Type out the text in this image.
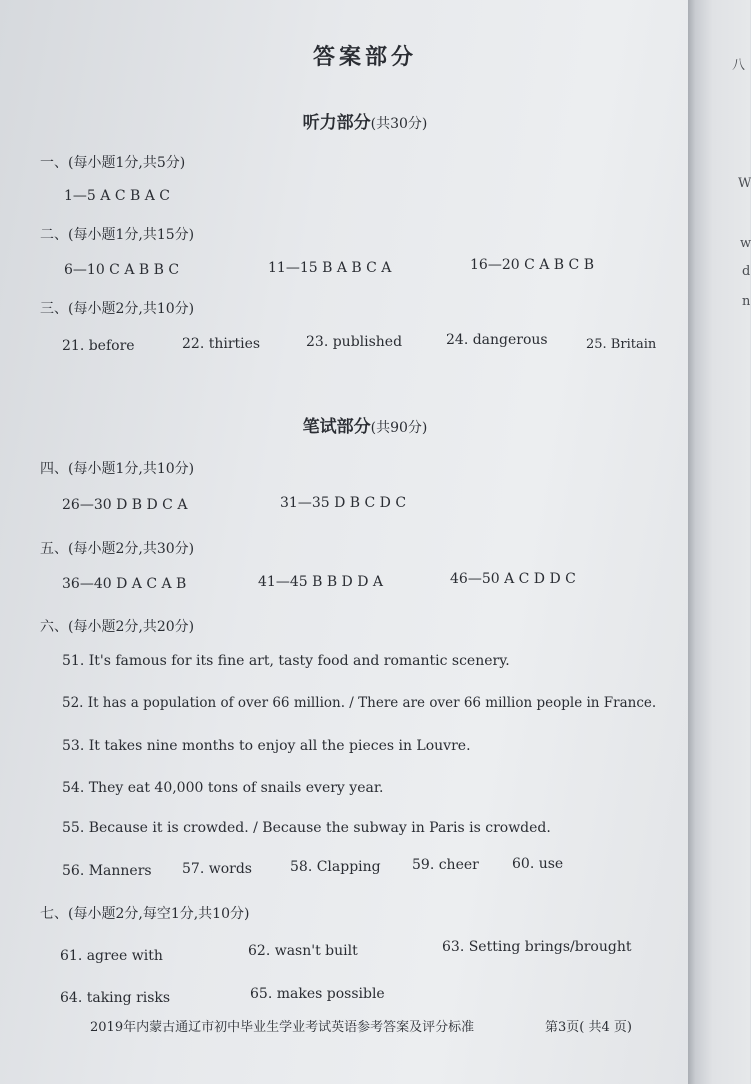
八
W
w
d
n
答案部分
听力部分(共30分)
一、(每小题1分,共5分)
1—5 A C B A C
二、(每小题1分,共15分)
6—10 C A B B C	11—15 B A B C A	16—20 C A B C B
三、(每小题2分,共10分)
21. before	22. thirties	23. published	24. dangerous	25. Britain
笔试部分(共90分)
四、(每小题1分,共10分)
26—30 D B D C A	31—35 D B C D C
五、(每小题2分,共30分)
36—40 D A C A B	41—45 B B D D A	46—50 A C D D C
六、(每小题2分,共20分)
51. It's famous for its fine art, tasty food and romantic scenery.
52. It has a population of over 66 million. / There are over 66 million people in France.
53. It takes nine months to enjoy all the pieces in Louvre.
54. They eat 40,000 tons of snails every year.
55. Because it is crowded. / Because the subway in Paris is crowded.
56. Manners 57. words	58. Clapping 59. cheer 60. use
七、(每小题2分,每空1分,共10分)
61. agree with	62. wasn't built	63. Setting brings/brought
64. taking risks	65. makes possible
2019年内蒙古通辽市初中毕业生学业考试英语参考答案及评分标准	第3页( 共4 页)
